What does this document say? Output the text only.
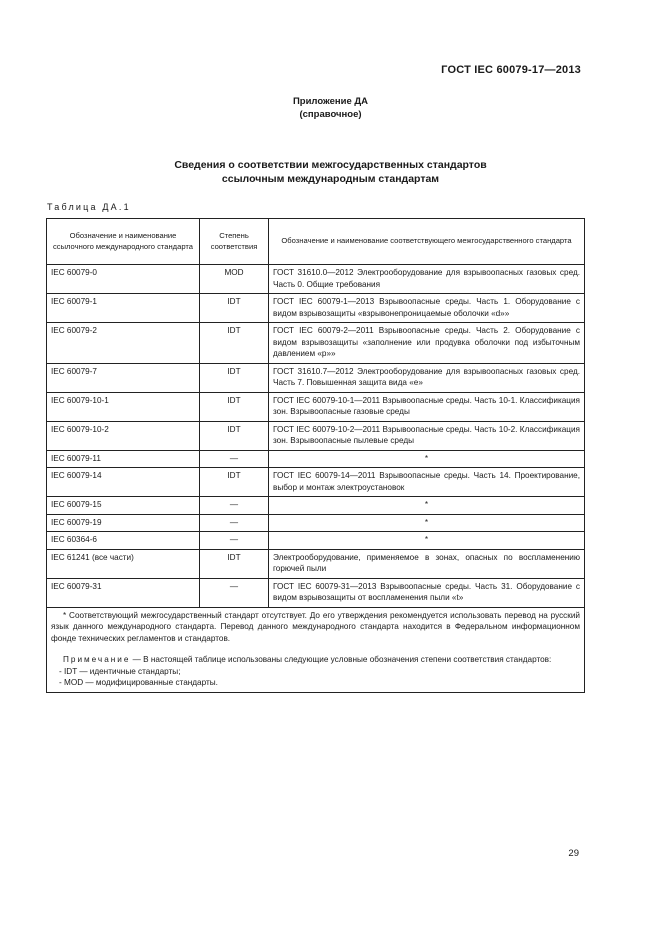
ГОСТ IEC 60079-17—2013
Приложение ДА
(справочное)
Сведения о соответствии межгосударственных стандартов
ссылочным международным стандартам
Таблица ДА.1
Обозначение и наименование ссылочного международного стандарта	Степень соответствия	Обозначение и наименование соответствующего межгосударственного стандарта
IEC 60079-0	MOD	ГОСТ 31610.0—2012 Электрооборудование для взрывоопасных газовых сред. Часть 0. Общие требования
IEC 60079-1	IDT	ГОСТ IEC 60079-1—2013 Взрывоопасные среды. Часть 1. Оборудование с видом взрывозащиты «взрывонепроницаемые оболочки «d»»
IEC 60079-2	IDT	ГОСТ IEC 60079-2—2011 Взрывоопасные среды. Часть 2. Оборудование с видом взрывозащиты «заполнение или продувка оболочки под избыточным давлением «р»»
IEC 60079-7	IDT	ГОСТ 31610.7—2012 Электрооборудование для взрывоопасных газовых сред. Часть 7. Повышенная защита вида «е»
IEC 60079-10-1	IDT	ГОСТ IEC 60079-10-1—2011 Взрывоопасные среды. Часть 10-1. Классификация зон. Взрывоопасные газовые среды
IEC 60079-10-2	IDT	ГОСТ IEC 60079-10-2—2011 Взрывоопасные среды. Часть 10-2. Классификация зон. Взрывоопасные пылевые среды
IEC 60079-11	—	*
IEC 60079-14	IDT	ГОСТ IEC 60079-14—2011 Взрывоопасные среды. Часть 14. Проектирование, выбор и монтаж электроустановок
IEC 60079-15	—	*
IEC 60079-19	—	*
IEC 60364-6	—	*
IEC 61241 (все части)	IDT	Электрооборудование, применяемое в зонах, опасных по воспламенению горючей пыли
IEC 60079-31	—	ГОСТ IEC 60079-31—2013 Взрывоопасные среды. Часть 31. Оборудование с видом взрывозащиты от воспламенения пыли «t»

* Соответствующий межгосударственный стандарт отсутствует. До его утверждения рекомендуется использовать перевод на русский язык данного международного стандарта. Перевод данного международного стандарта находится в Федеральном информационном фонде технических регламентов и стандартов.

Примечание — В настоящей таблице использованы следующие условные обозначения степени соответствия стандартов:

- IDT — идентичные стандарты;

- MOD — модифицированные стандарты.		

29
